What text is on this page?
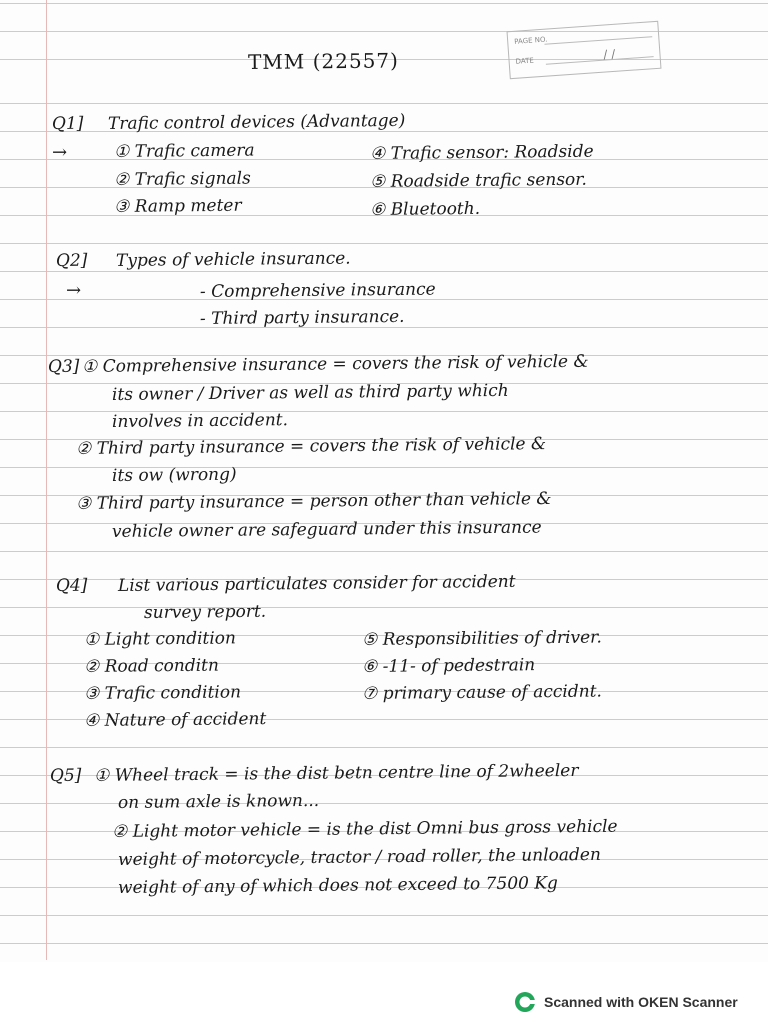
PAGE NO.
DATE	/ /
TMM (22557)
Q1] Trafic control devices (Advantage)
→	① Trafic camera
② Trafic signals
③ Ramp meter
④ Trafic sensor: Roadside
⑤ Roadside trafic sensor.
⑥ Bluetooth.
Q2] Types of vehicle insurance.
→	- Comprehensive insurance
- Third party insurance.
Q3] ① Comprehensive insurance = covers the risk of vehicle &
its owner / Driver as well as third party which
involves in accident.
② Third party insurance = covers the risk of vehicle &
its ow (wrong)
③ Third party insurance = person other than vehicle &
vehicle owner are safeguard under this insurance
Q4] List various particulates consider for accident
survey report.
① Light condition
② Road conditn
③ Trafic condition
④ Nature of accident
⑤ Responsibilities of driver.
⑥ -11- of pedestrain
⑦ primary cause of accidnt.
Q5] ① Wheel track = is the dist betn centre line of 2wheeler
on sum axle is known...
② Light motor vehicle = is the dist Omni bus gross vehicle
weight of motorcycle, tractor / road roller, the unloaden
weight of any of which does not exceed to 7500 Kg
Scanned with OKEN Scanner
